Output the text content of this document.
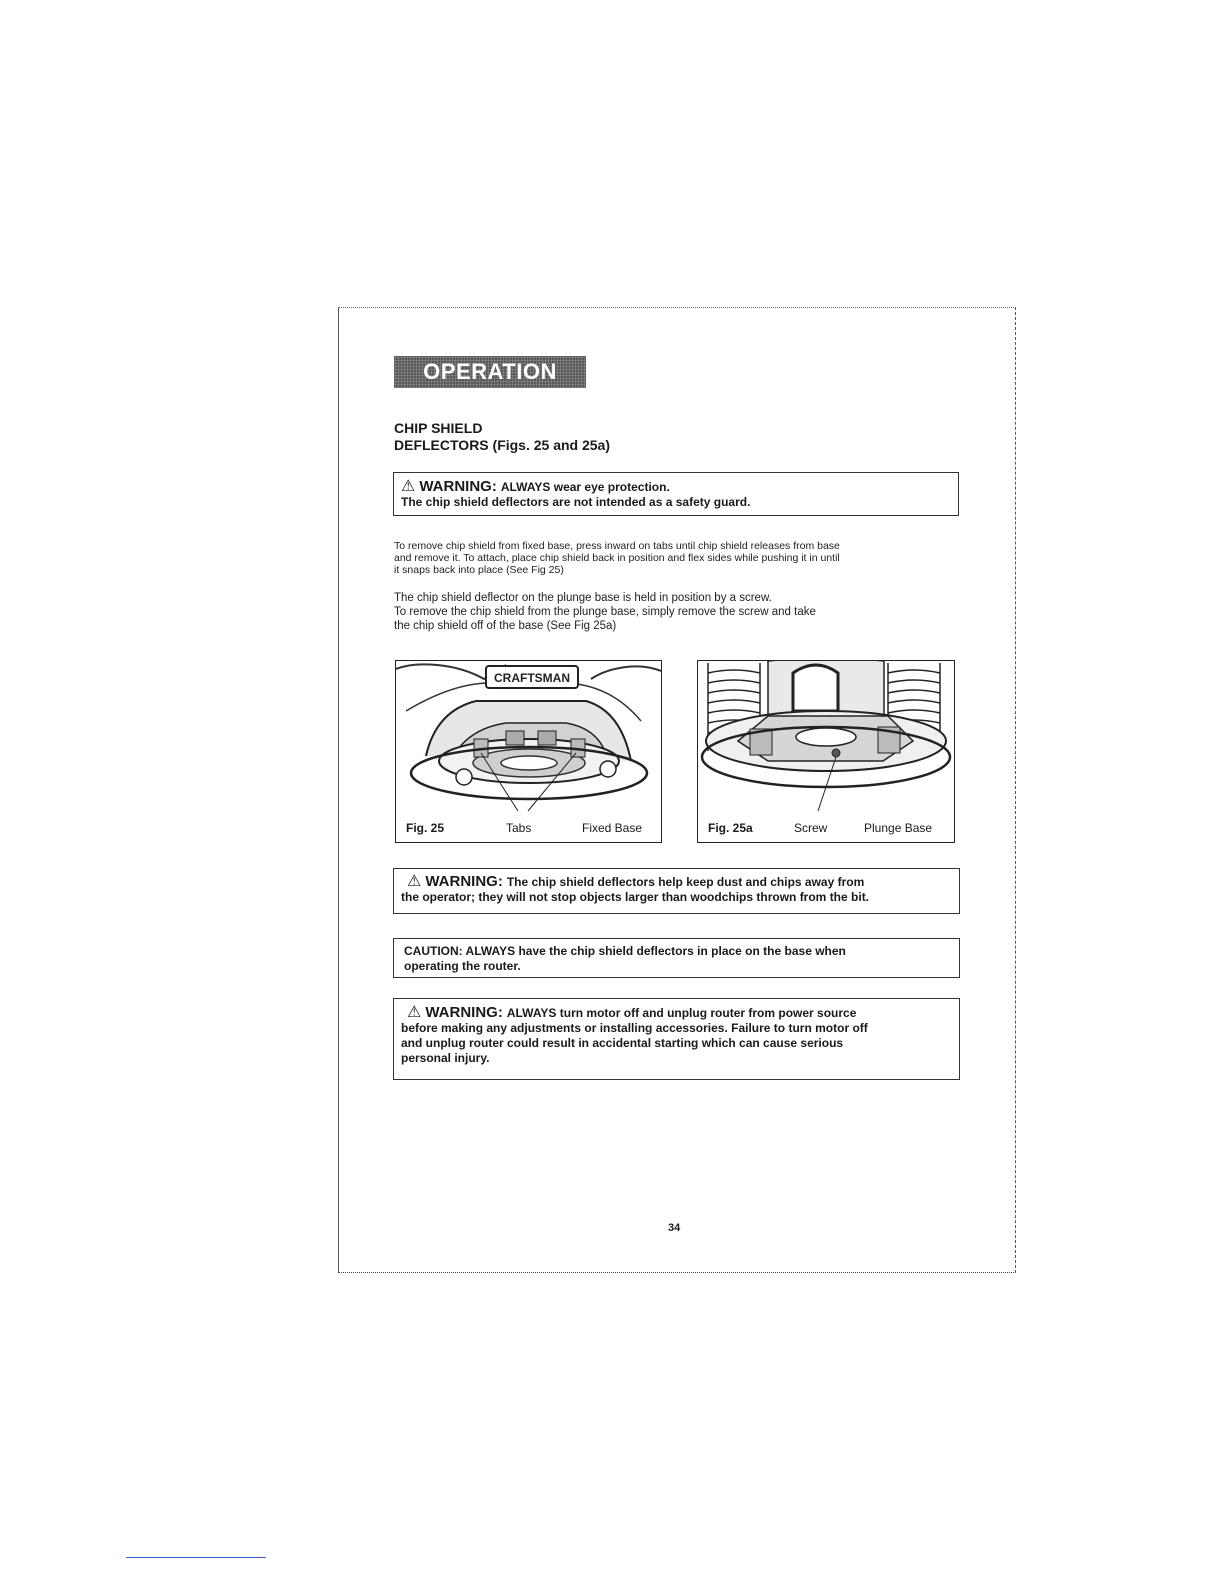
OPERATION cont.
CHIP SHIELD
DEFLECTORS (Figs. 25 and 25a)
⚠ WARNING: ALWAYS wear eye protection.
The chip shield deflectors are not intended as a safety guard.
To remove chip shield from fixed base, press inward on tabs until chip shield releases from base
and remove it. To attach, place chip shield back in position and flex sides while pushing it in until
it snaps back into place (See Fig 25)
The chip shield deflector on the plunge base is held in position by a screw.
To remove the chip shield from the plunge base, simply remove the screw and take
the chip shield off of the base (See Fig 25a)
CRAFTSMAN
Fig. 25	Tabs	Fixed Base	Fig. 25a	Screw	Plunge Base
⚠ WARNING: The chip shield deflectors help keep dust and chips away from
the operator; they will not stop objects larger than woodchips thrown from the bit.
CAUTION: ALWAYS have the chip shield deflectors in place on the base when
operating the router.
⚠ WARNING: ALWAYS turn motor off and unplug router from power source
before making any adjustments or installing accessories. Failure to turn motor off
and unplug router could result in accidental starting which can cause serious
personal injury.
34
